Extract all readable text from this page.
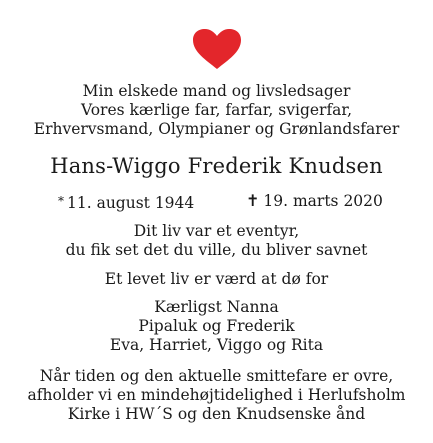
Min elskede mand og livsledsager
Vores kærlige far, farfar, svigerfar,
Erhvervsmand, Olympianer og Grønlandsfarer
Hans-Wiggo Frederik Knudsen
* 11. august 1944	✝ 19. marts 2020
Dit liv var et eventyr,
du fik set det du ville, du bliver savnet
Et levet liv er værd at dø for
Kærligst Nanna
Pipaluk og Frederik
Eva, Harriet, Viggo og Rita
Når tiden og den aktuelle smittefare er ovre,
afholder vi en mindehøjtidelighed i Herlufsholm
Kirke i HW´S og den Knudsenske ånd
